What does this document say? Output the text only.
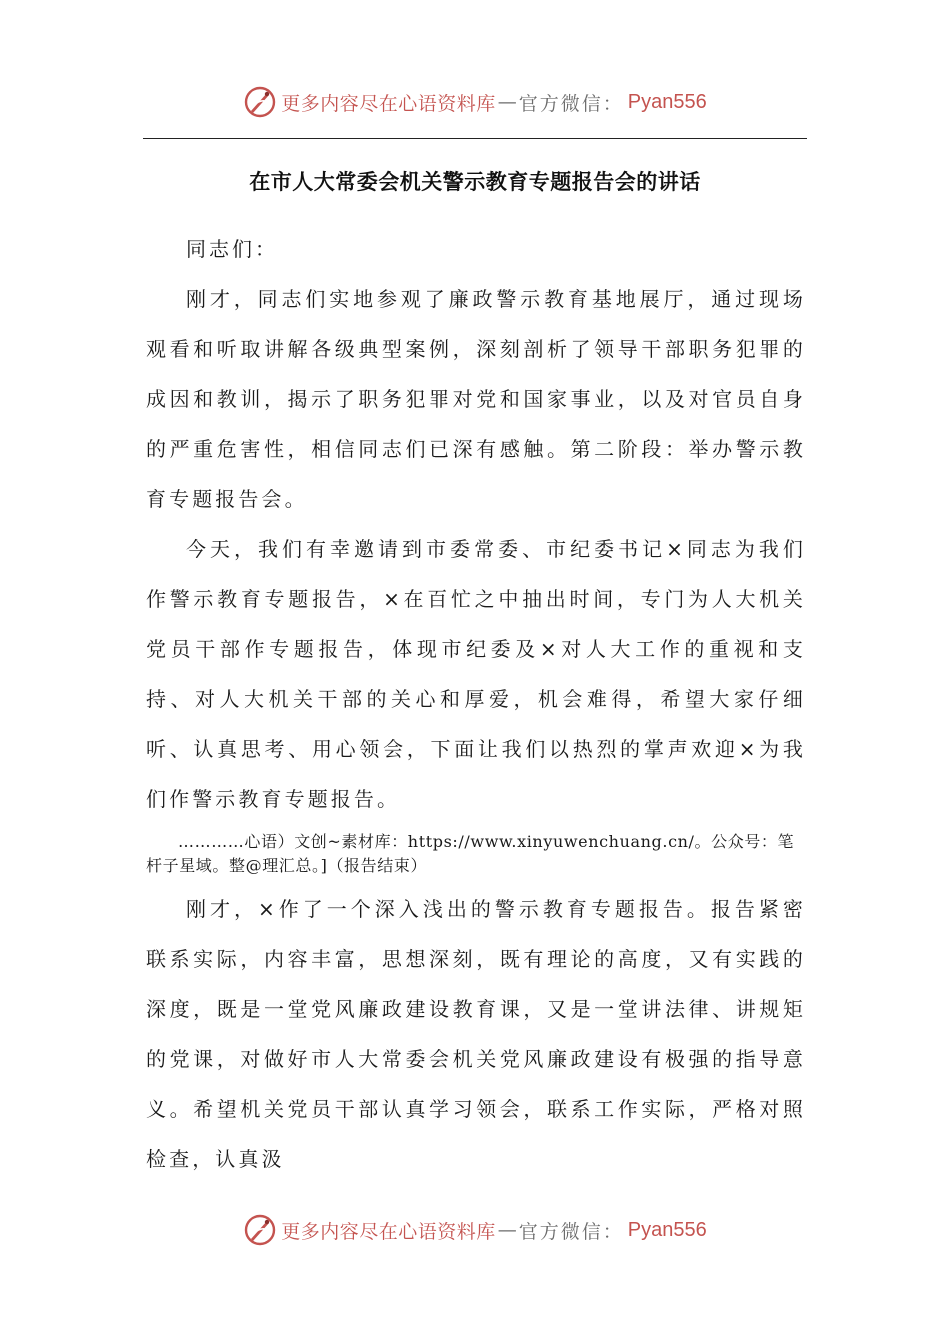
更多内容尽在心语资料库 — 官方微信： Pyan556
在市人大常委会机关警示教育专题报告会的讲话

同志们：

刚才，同志们实地参观了廉政警示教育基地展厅，通过现场观看和听取讲解各级典型案例，深刻剖析了领导干部职务犯罪的成因和教训，揭示了职务犯罪对党和国家事业，以及对官员自身的严重危害性，相信同志们已深有感触。第二阶段：举办警示教育专题报告会。

今天，我们有幸邀请到市委常委、市纪委书记×同志为我们作警示教育专题报告，×在百忙之中抽出时间，专门为人大机关党员干部作专题报告，体现市纪委及×对人大工作的重视和支持、对人大机关干部的关心和厚爱，机会难得，希望大家仔细听、认真思考、用心领会，下面让我们以热烈的掌声欢迎×为我们作警示教育专题报告。

…………心语）文创~素材库：https://www.xinyuwenchuang.cn/。公众号：笔杆子星域。整@理汇总。]（报告结束）

刚才，×作了一个深入浅出的警示教育专题报告。报告紧密联系实际，内容丰富，思想深刻，既有理论的高度，又有实践的深度，既是一堂党风廉政建设教育课，又是一堂讲法律、讲规矩的党课，对做好市人大常委会机关党风廉政建设有极强的指导意义。希望机关党员干部认真学习领会，联系工作实际，严格对照检查，认真汲

更多内容尽在心语资料库 — 官方微信： Pyan556
